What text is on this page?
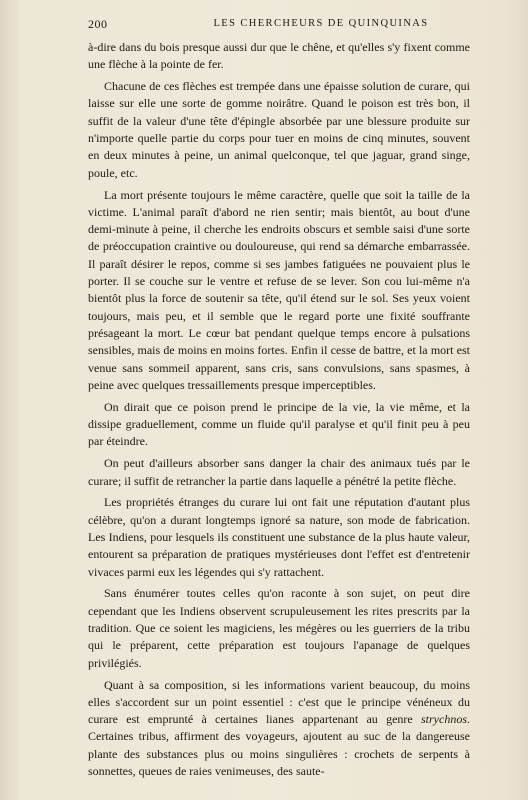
200	LES CHERCHEURS DE QUINQUINAS

à-dire dans du bois presque aussi dur que le chêne, et qu'elles s'y fixent comme une flèche à la pointe de fer.

Chacune de ces flèches est trempée dans une épaisse solution de curare, qui laisse sur elle une sorte de gomme noirâtre. Quand le poison est très bon, il suffit de la valeur d'une tête d'épingle absorbée par une blessure produite sur n'importe quelle partie du corps pour tuer en moins de cinq minutes, souvent en deux minutes à peine, un animal quelconque, tel que jaguar, grand singe, poule, etc.

La mort présente toujours le même caractère, quelle que soit la taille de la victime. L'animal paraît d'abord ne rien sentir; mais bientôt, au bout d'une demi-minute à peine, il cherche les endroits obscurs et semble saisi d'une sorte de préoccupation craintive ou douloureuse, qui rend sa démarche embarrassée. Il paraît désirer le repos, comme si ses jambes fatiguées ne pouvaient plus le porter. Il se couche sur le ventre et refuse de se lever. Son cou lui-même n'a bientôt plus la force de soutenir sa tête, qu'il étend sur le sol. Ses yeux voient toujours, mais peu, et il semble que le regard porte une fixité souffrante présageant la mort. Le cœur bat pendant quelque temps encore à pulsations sensibles, mais de moins en moins fortes. Enfin il cesse de battre, et la mort est venue sans sommeil apparent, sans cris, sans convulsions, sans spasmes, à peine avec quelques tressaillements presque imperceptibles.

On dirait que ce poison prend le principe de la vie, la vie même, et la dissipe graduellement, comme un fluide qu'il paralyse et qu'il finit peu à peu par éteindre.

On peut d'ailleurs absorber sans danger la chair des animaux tués par le curare; il suffit de retrancher la partie dans laquelle a pénétré la petite flèche.

Les propriétés étranges du curare lui ont fait une réputation d'autant plus célèbre, qu'on a durant longtemps ignoré sa nature, son mode de fabrication. Les Indiens, pour lesquels ils constituent une substance de la plus haute valeur, entourent sa préparation de pratiques mystérieuses dont l'effet est d'entretenir vivaces parmi eux les légendes qui s'y rattachent.

Sans énumérer toutes celles qu'on raconte à son sujet, on peut dire cependant que les Indiens observent scrupuleusement les rites prescrits par la tradition. Que ce soient les magiciens, les mégères ou les guerriers de la tribu qui le préparent, cette préparation est toujours l'apanage de quelques privilégiés.

Quant à sa composition, si les informations varient beaucoup, du moins elles s'accordent sur un point essentiel : c'est que le principe vénéneux du curare est emprunté à certaines lianes appartenant au genre strychnos. Certaines tribus, affirment des voyageurs, ajoutent au suc de la dangereuse plante des substances plus ou moins singulières : crochets de serpents à sonnettes, queues de raies venimeuses, des saute-
